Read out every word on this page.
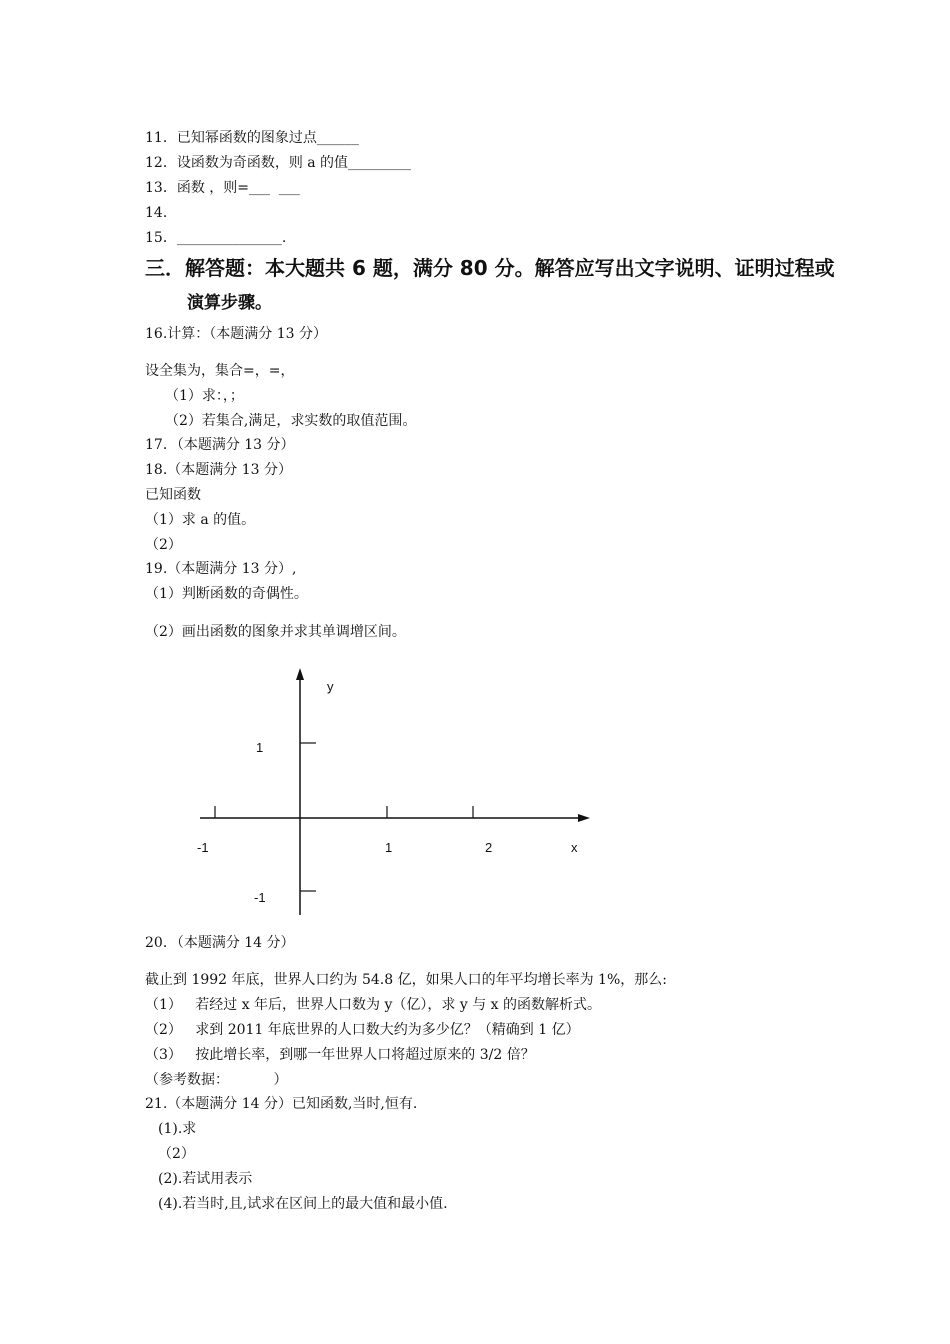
11．已知幂函数的图象过点______
12．设函数为奇函数，则 a 的值_________
13．函数 ，则=___  ___
14．
15．_______________.
三．解答题：本大题共 6 题，满分 80 分。解答应写出文字说明、证明过程或
演算步骤。
16.计算：（本题满分 13 分）
设全集为，集合=，=，
（1）求：，；
（2）若集合,满足，求实数的取值范围。
17．（本题满分 13 分）
18.（本题满分 13 分）
已知函数
（1）求 a 的值。
（2）
19.（本题满分 13 分）,
（1）判断函数的奇偶性。
（2）画出函数的图象并求其单调增区间。
y
1
-1	1	2	x
-1
20．（本题满分 14 分）
截止到 1992 年底，世界人口约为 54.8 亿，如果人口的年平均增长率为 1%，那么:
（1）   若经过 x 年后，世界人口数为 y（亿），求 y 与 x 的函数解析式。
（2）   求到 2011 年底世界的人口数大约为多少亿？（精确到 1 亿）
（3）   按此增长率，到哪一年世界人口将超过原来的 3/2 倍？
（参考数据：          ）
21.（本题满分 14 分）已知函数,当时,恒有.
(1).求
（2）
(2).若试用表示
(4).若当时,且,试求在区间上的最大值和最小值.
